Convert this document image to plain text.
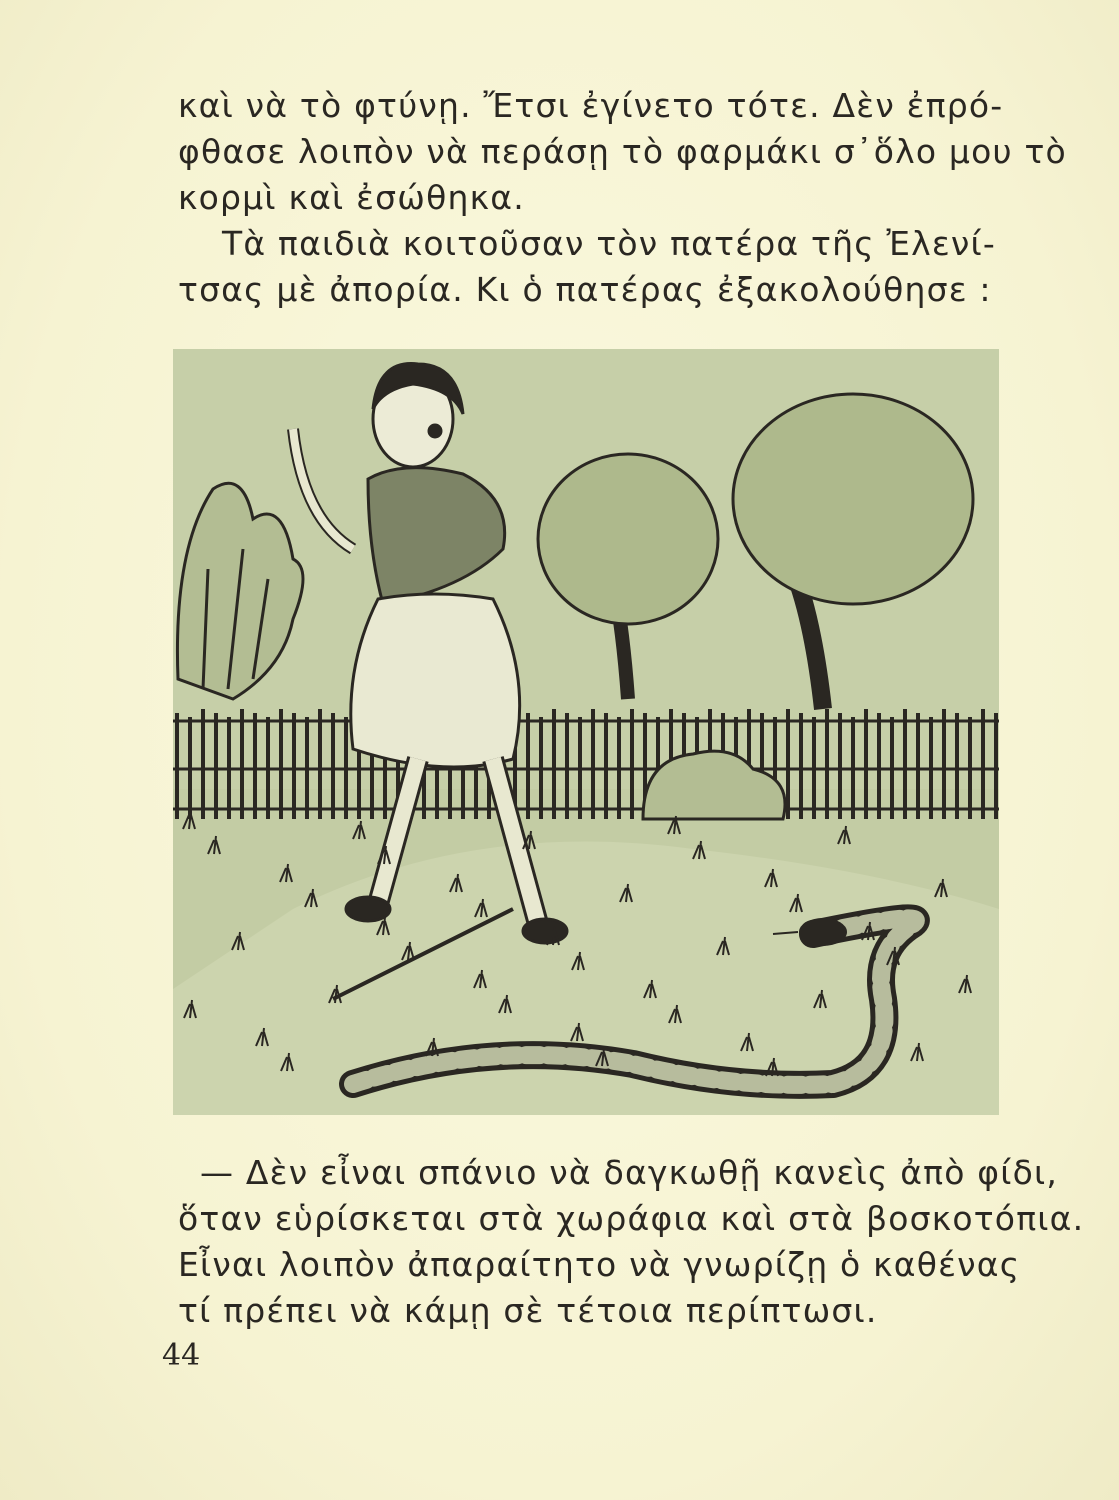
καὶ νὰ τὸ φτύνῃ. Ἔτσι ἐγίνετο τότε. Δὲν ἐπρό-
φθασε λοιπὸν νὰ περάσῃ τὸ φαρμάκι σ᾽ὅλο μου τὸ
κορμὶ καὶ ἐσώθηκα.
Τὰ παιδιὰ κοιτοῦσαν τὸν πατέρα τῆς Ἐλενί-
τσας μὲ ἀπορία. Κι ὁ πατέρας ἐξακολούθησε :
— Δὲν εἶναι σπάνιο νὰ δαγκωθῇ κανεὶς ἀπὸ φίδι,
ὅταν εὑρίσκεται στὰ χωράφια καὶ στὰ βοσκοτόπια.
Εἶναι λοιπὸν ἀπαραίτητο νὰ γνωρίζῃ ὁ καθένας
τί πρέπει νὰ κάμῃ σὲ τέτοια περίπτωσι.
44
